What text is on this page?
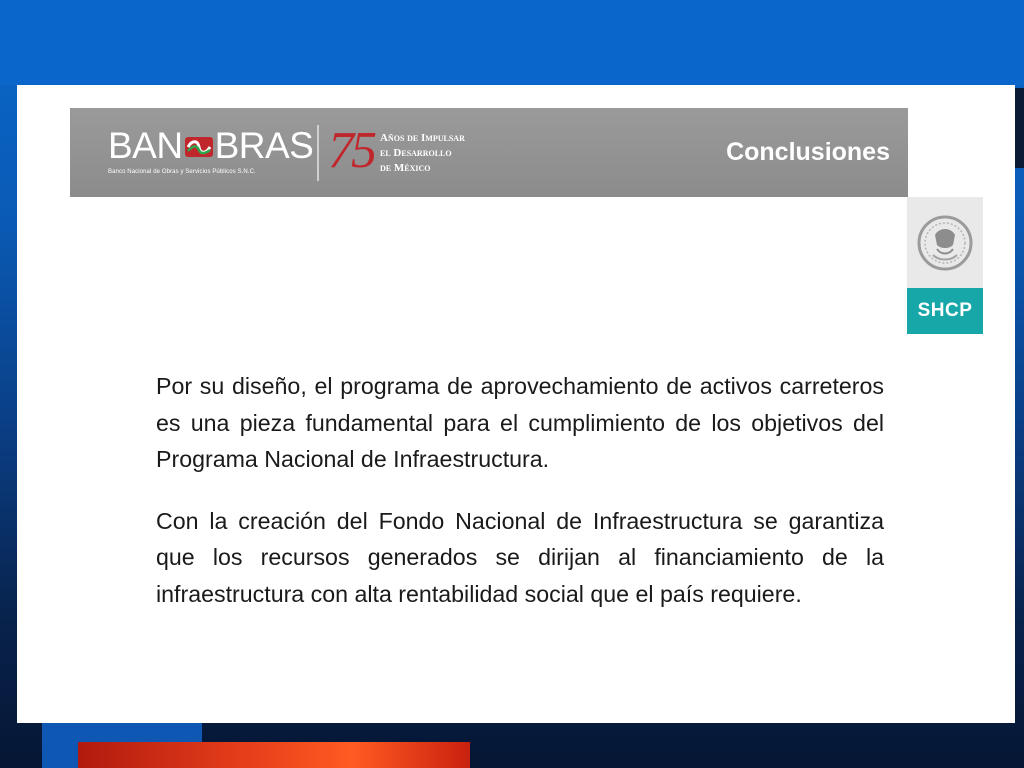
BAN BRAS
Banco Nacional de Obras y Servicios Públicos S.N.C. 75 Años de Impulsar
el Desarrollo
de México
Conclusiones
SHCP

Por su diseño, el programa de aprovechamiento de activos carreteros es una pieza fundamental para el cumplimiento de los objetivos del Programa Nacional de Infraestructura.

Con la creación del Fondo Nacional de Infraestructura se garantiza que los recursos generados se dirijan al financiamiento de la infraestructura con alta rentabilidad social que el país requiere.
